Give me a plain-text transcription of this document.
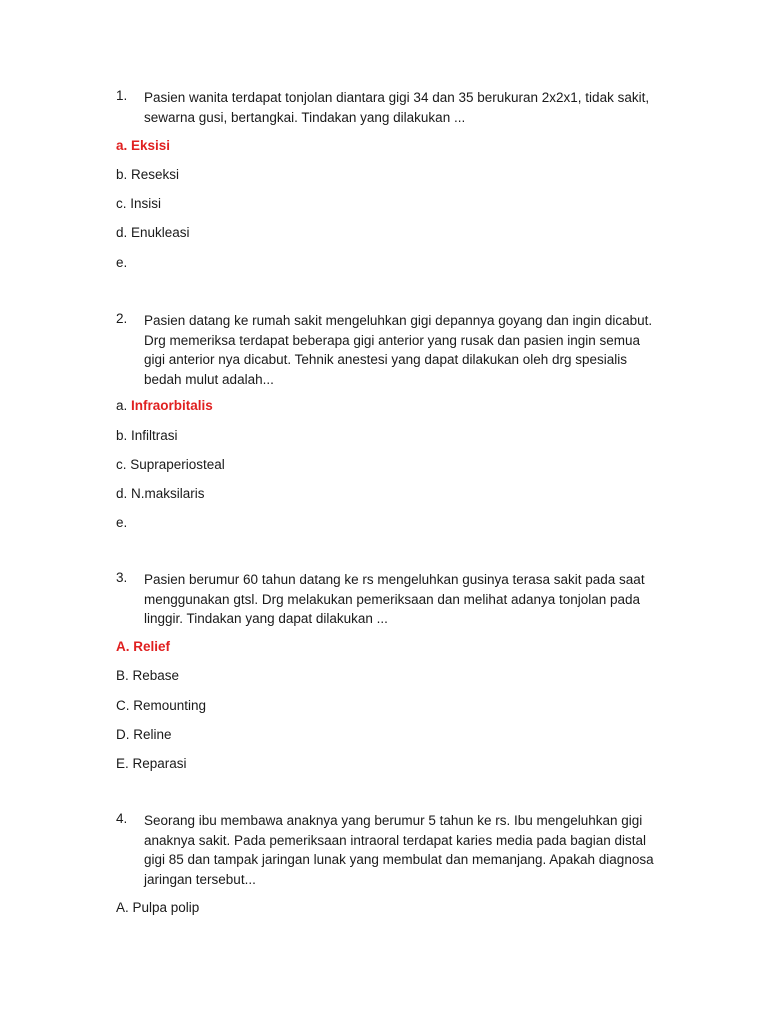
1. Pasien wanita terdapat tonjolan diantara gigi 34 dan 35 berukuran 2x2x1, tidak sakit, sewarna gusi, bertangkai. Tindakan yang dilakukan ...
a. Eksisi
b. Reseksi
c. Insisi
d. Enukleasi
e.
2. Pasien datang ke rumah sakit mengeluhkan gigi depannya goyang dan ingin dicabut. Drg memeriksa terdapat beberapa gigi anterior yang rusak dan pasien ingin semua gigi anterior nya dicabut. Tehnik anestesi yang dapat dilakukan oleh drg spesialis bedah mulut adalah...
a. Infraorbitalis
b. Infiltrasi
c. Supraperiosteal
d. N.maksilaris
e.
3. Pasien berumur 60 tahun datang ke rs mengeluhkan gusinya terasa sakit pada saat menggunakan gtsl. Drg melakukan pemeriksaan dan melihat adanya tonjolan pada linggir. Tindakan yang dapat dilakukan ...
A. Relief
B. Rebase
C. Remounting
D. Reline
E. Reparasi
4. Seorang ibu membawa anaknya yang berumur 5 tahun ke rs. Ibu mengeluhkan gigi anaknya sakit. Pada pemeriksaan intraoral terdapat karies media pada bagian distal gigi 85 dan tampak jaringan lunak yang membulat dan memanjang. Apakah diagnosa jaringan tersebut...
A. Pulpa polip
